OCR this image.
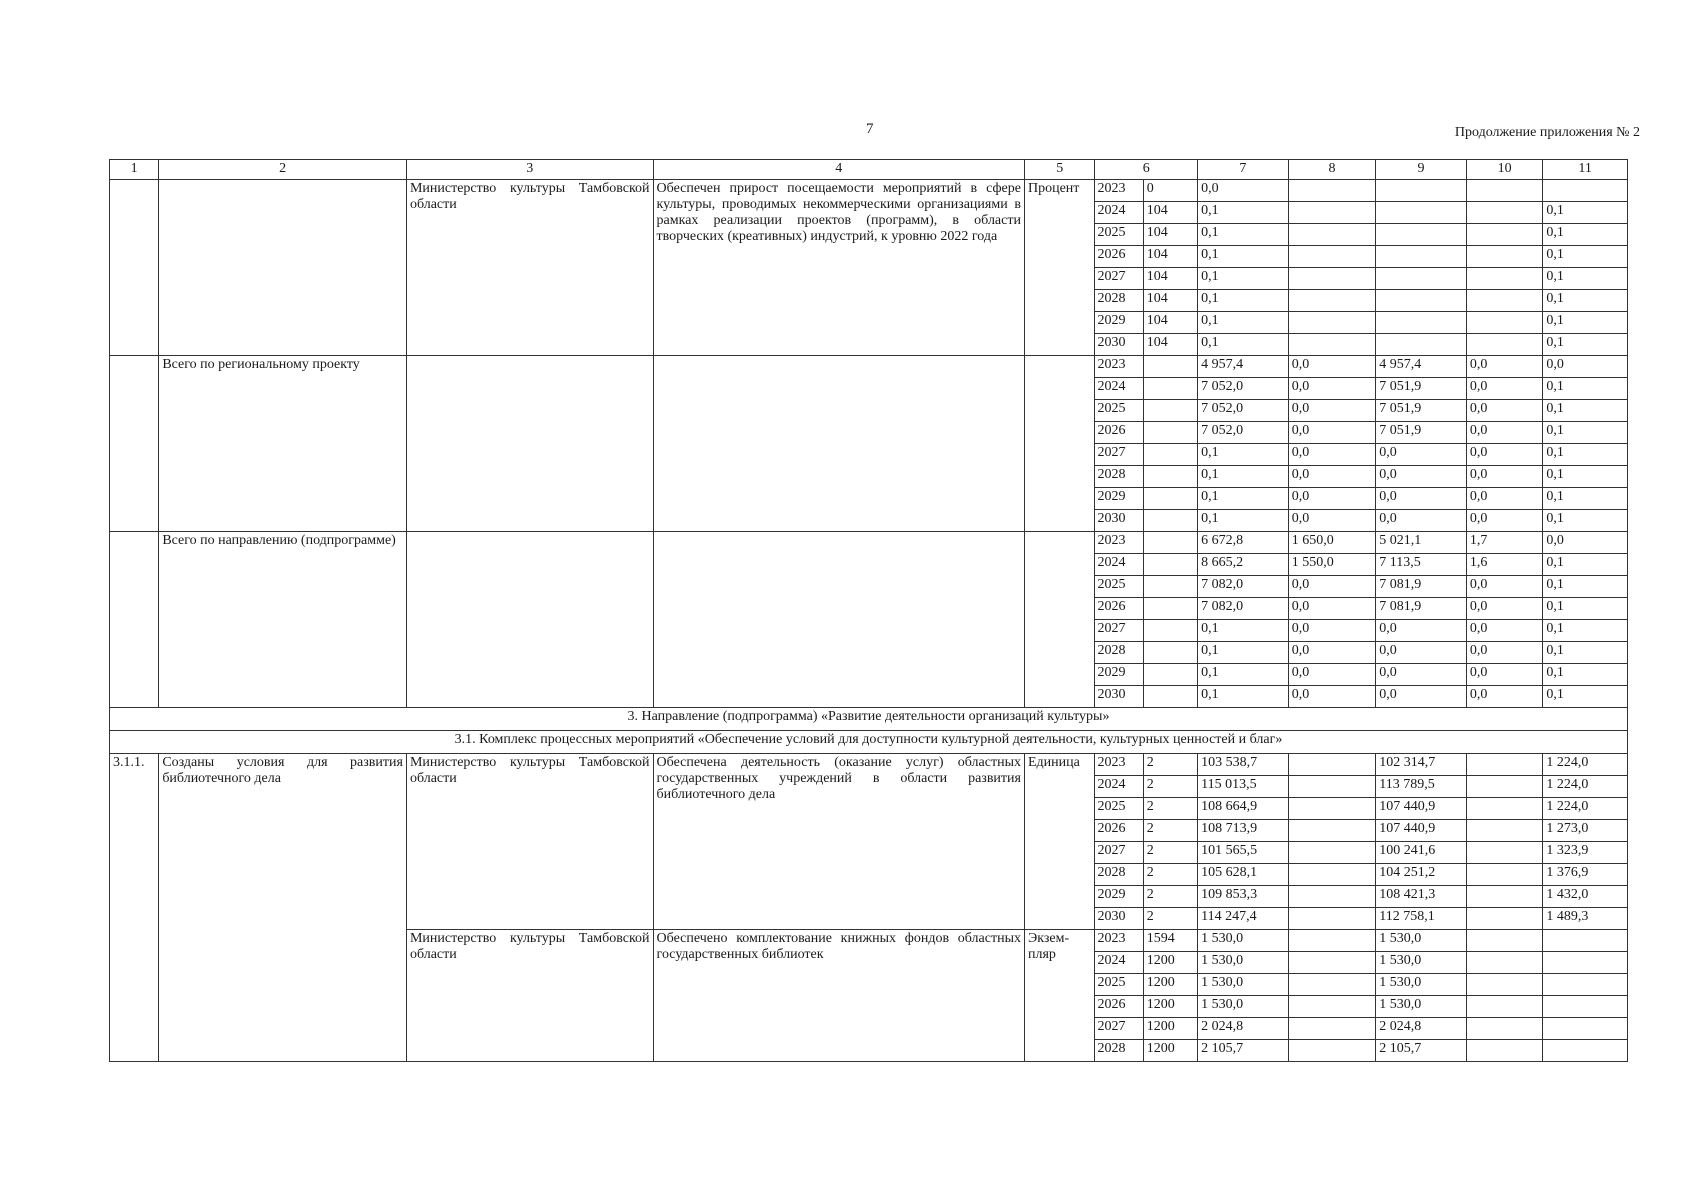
7	Продолжение приложения № 2
1	2	3	4	5	6		7	8	9	10	11
		Министерство культуры Тамбовской области	Обеспечен прирост посещаемости мероприятий в сфере культуры, проводимых некоммерческими организациями в рамках реализации проектов (программ), в области творческих (креативных) индустрий, к уровню 2022 года	Процент	2023	0	0,0				
					2024	104	0,1				0,1
					2025	104	0,1				0,1
					2026	104	0,1				0,1
					2027	104	0,1				0,1
					2028	104	0,1				0,1
					2029	104	0,1				0,1
					2030	104	0,1				0,1
	Всего по региональному проекту				2023		4 957,4	0,0	4 957,4	0,0	0,0
					2024		7 052,0	0,0	7 051,9	0,0	0,1
					2025		7 052,0	0,0	7 051,9	0,0	0,1
					2026		7 052,0	0,0	7 051,9	0,0	0,1
					2027		0,1	0,0	0,0	0,0	0,1
					2028		0,1	0,0	0,0	0,0	0,1
					2029		0,1	0,0	0,0	0,0	0,1
					2030		0,1	0,0	0,0	0,0	0,1
	Всего по направлению (подпрограмме)				2023		6 672,8	1 650,0	5 021,1	1,7	0,0
					2024		8 665,2	1 550,0	7 113,5	1,6	0,1
					2025		7 082,0	0,0	7 081,9	0,0	0,1
					2026		7 082,0	0,0	7 081,9	0,0	0,1
					2027		0,1	0,0	0,0	0,0	0,1
					2028		0,1	0,0	0,0	0,0	0,1
					2029		0,1	0,0	0,0	0,0	0,1
					2030		0,1	0,0	0,0	0,0	0,1
3. Направление (подпрограмма) «Развитие деятельности организаций культуры»											
3.1. Комплекс процессных мероприятий «Обеспечение условий для доступности культурной деятельности, культурных ценностей и благ»											
3.1.1.	Созданы условия для развития библиотечного дела	Министерство культуры Тамбовской области	Обеспечена деятельность (оказание услуг) областных государственных учреждений в области развития библиотечного дела	Единица	2023	2	103 538,7		102 314,7		1 224,0
					2024	2	115 013,5		113 789,5		1 224,0
					2025	2	108 664,9		107 440,9		1 224,0
					2026	2	108 713,9		107 440,9		1 273,0
					2027	2	101 565,5		100 241,6		1 323,9
					2028	2	105 628,1		104 251,2		1 376,9
					2029	2	109 853,3		108 421,3		1 432,0
					2030	2	114 247,4		112 758,1		1 489,3
		Министерство культуры Тамбовской области	Обеспечено комплектование книжных фондов областных государственных библиотек	Экзем-пляр	2023	1594	1 530,0		1 530,0		
					2024	1200	1 530,0		1 530,0		
					2025	1200	1 530,0		1 530,0		
					2026	1200	1 530,0		1 530,0		
					2027	1200	2 024,8		2 024,8		
					2028	1200	2 105,7		2 105,7		
